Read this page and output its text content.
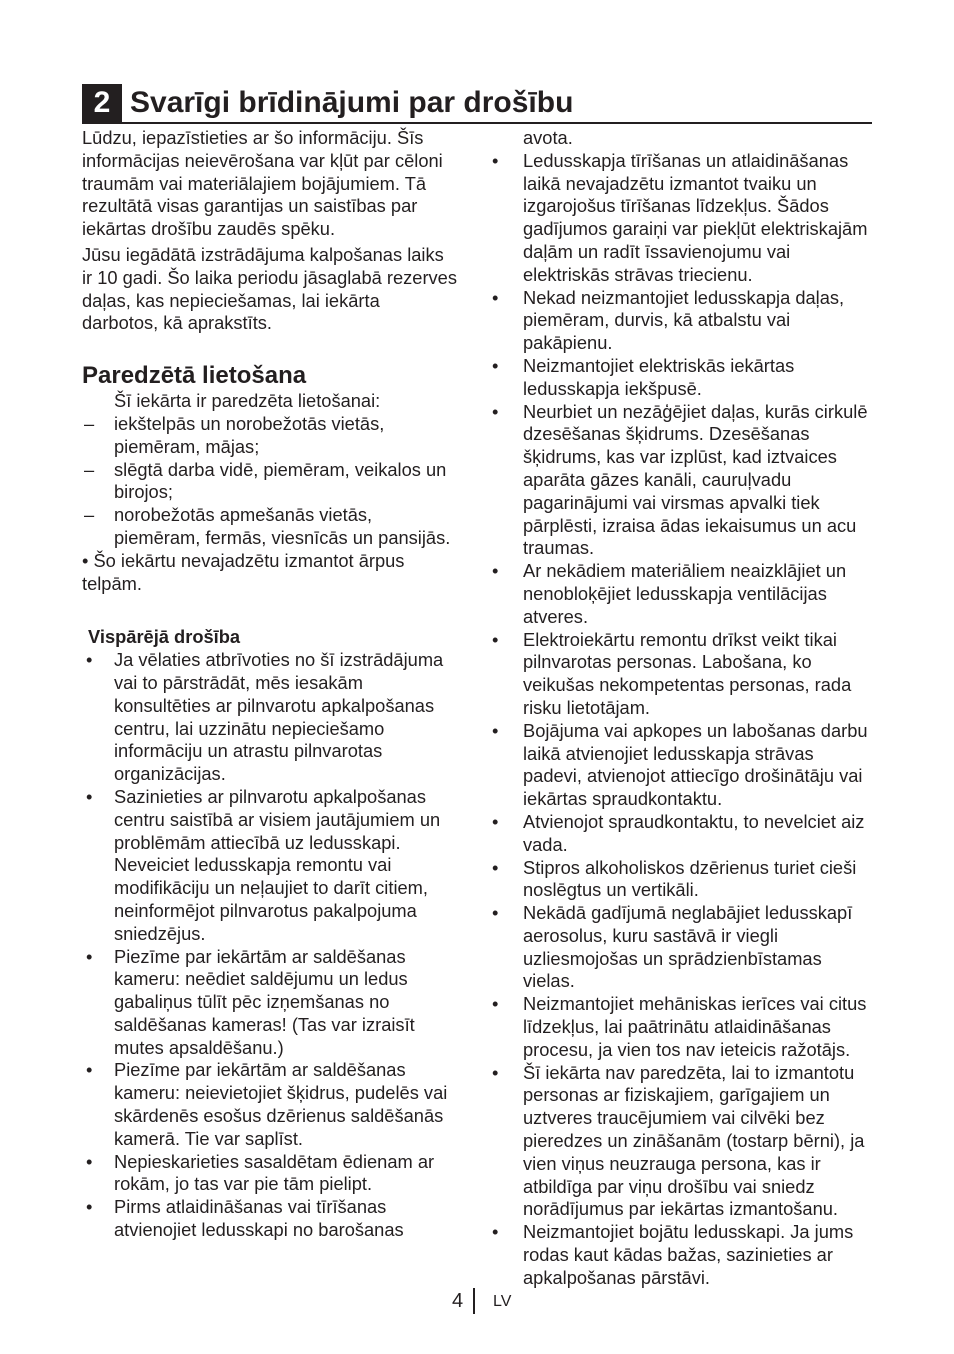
2 Svarīgi brīdinājumi par drošību

Lūdzu, iepazīstieties ar šo informāciju. Šīs informācijas neievērošana var kļūt par cēloni traumām vai materiālajiem bojājumiem. Tā rezultātā visas garantijas un saistības par iekārtas drošību zaudēs spēku.

Jūsu iegādātā izstrādājuma kalpošanas laiks ir 10 gadi. Šo laika periodu jāsaglabā rezerves daļas, kas nepieciešamas, lai iekārta darbotos, kā aprakstīts.

Paredzētā lietošana

Šī iekārta ir paredzēta lietošanai:

– iekštelpās un norobežotās vietās, piemēram, mājas;
– slēgtā darba vidē, piemēram, veikalos un birojos;
– norobežotās apmešanās vietās, piemēram, fermās, viesnīcās un pansijās.

• Šo iekārtu nevajadzētu izmantot ārpus telpām.

Vispārējā drošība
• Ja vēlaties atbrīvoties no šī izstrādājuma vai to pārstrādāt, mēs iesakām konsultēties ar pilnvarotu apkalpošanas centru, lai uzzinātu nepieciešamo informāciju un atrastu pilnvarotas organizācijas.
• Sazinieties ar pilnvarotu apkalpošanas centru saistībā ar visiem jautājumiem un problēmām attiecībā uz ledusskapi. Neveiciet ledusskapja remontu vai modifikāciju un neļaujiet to darīt citiem, neinformējot pilnvarotus pakalpojuma sniedzējus.
• Piezīme par iekārtām ar saldēšanas kameru: neēdiet saldējumu un ledus gabaliņus tūlīt pēc izņemšanas no saldēšanas kameras! (Tas var izraisīt mutes apsaldēšanu.)
• Piezīme par iekārtām ar saldēšanas kameru: neievietojiet šķidrus, pudelēs vai skārdenēs esošus dzērienus saldēšanās kamerā. Tie var saplīst.
• Nepieskarieties sasaldētam ēdienam ar rokām, jo tas var pie tām pielipt.
• Pirms atlaidināšanas vai tīrīšanas atvienojiet ledusskapi no barošanas

avota.

• Ledusskapja tīrīšanas un atlaidināšanas laikā nevajadzētu izmantot tvaiku un izgarojošus tīrīšanas līdzekļus. Šādos gadījumos garaiņi var piekļūt elektriskajām daļām un radīt īssavienojumu vai elektriskās strāvas triecienu.
• Nekad neizmantojiet ledusskapja daļas, piemēram, durvis, kā atbalstu vai pakāpienu.
• Neizmantojiet elektriskās iekārtas ledusskapja iekšpusē.
• Neurbiet un nezāģējiet daļas, kurās cirkulē dzesēšanas šķidrums. Dzesēšanas šķidrums, kas var izplūst, kad iztvaices aparāta gāzes kanāli, cauruļvadu pagarinājumi vai virsmas apvalki tiek pārplēsti, izraisa ādas iekaisumus un acu traumas.
• Ar nekādiem materiāliem neaizklājiet un nenobloķējiet ledusskapja ventilācijas atveres.
• Elektroiekārtu remontu drīkst veikt tikai pilnvarotas personas. Labošana, ko veikušas nekompetentas personas, rada risku lietotājam.
• Bojājuma vai apkopes un labošanas darbu laikā atvienojiet ledusskapja strāvas padevi, atvienojot attiecīgo drošinātāju vai iekārtas spraudkontaktu.
• Atvienojot spraudkontaktu, to nevelciet aiz vada.
• Stipros alkoholiskos dzērienus turiet cieši noslēgtus un vertikāli.
• Nekādā gadījumā neglabājiet ledusskapī aerosolus, kuru sastāvā ir viegli uzliesmojošas un sprādzienbīstamas vielas.
• Neizmantojiet mehāniskas ierīces vai citus līdzekļus, lai paātrinātu atlaidināšanas procesu, ja vien tos nav ieteicis ražotājs.
• Šī iekārta nav paredzēta, lai to izmantotu personas ar fiziskajiem, garīgajiem un uztveres traucējumiem vai cilvēki bez pieredzes un zināšanām (tostarp bērni), ja vien viņus neuzrauga persona, kas ir atbildīga par viņu drošību vai sniedz norādījumus par iekārtas izmantošanu.
• Neizmantojiet bojātu ledusskapi. Ja jums rodas kaut kādas bažas, sazinieties ar apkalpošanas pārstāvi.
4 LV
